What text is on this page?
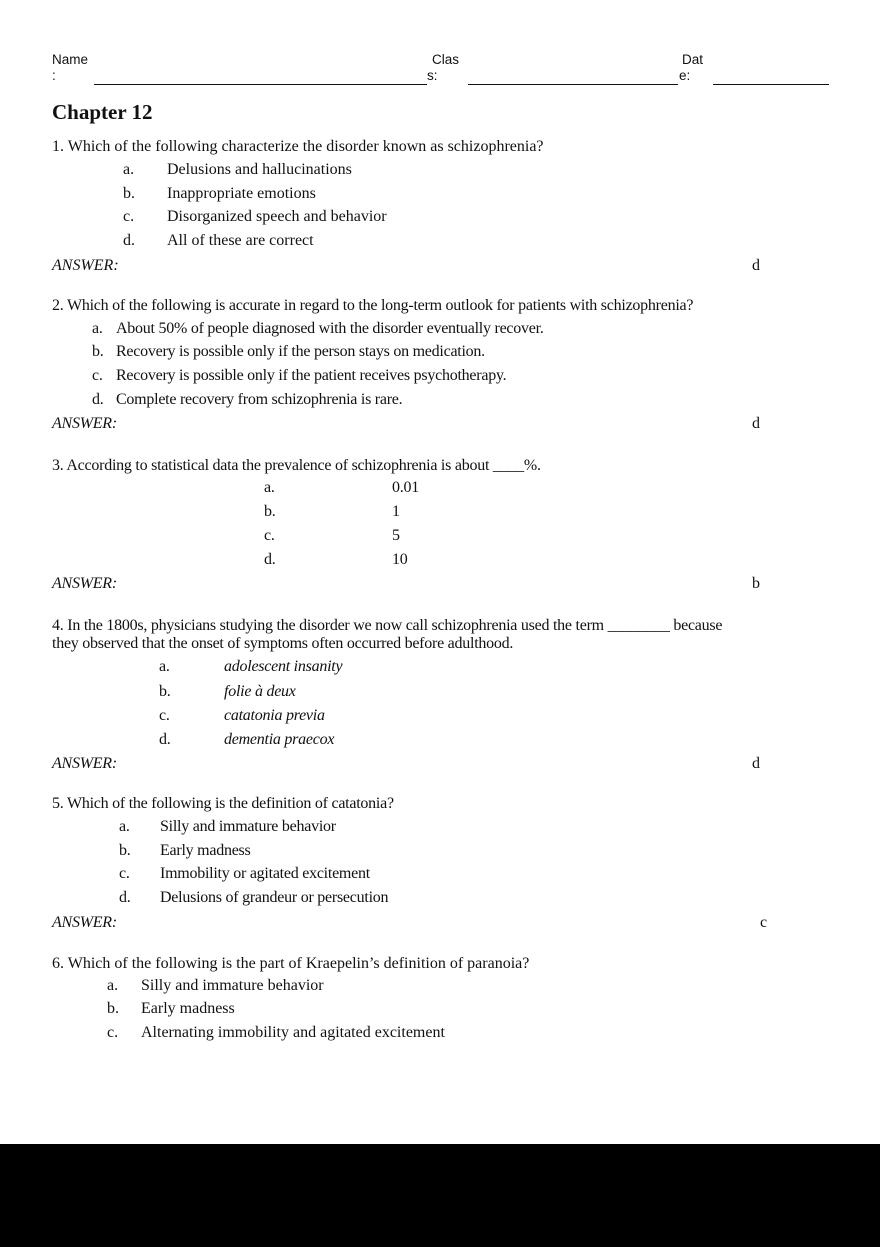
Name
:
Clas
s:
Dat
e:
Chapter 12
1. Which of the following characterize the disorder known as schizophrenia?
a. Delusions and hallucinations
b. Inappropriate emotions
c. Disorganized speech and behavior
d. All of these are correct
ANSWER:	d
2. Which of the following is accurate in regard to the long-term outlook for patients with schizophrenia?
a. About 50% of people diagnosed with the disorder eventually recover.
b. Recovery is possible only if the person stays on medication.
c. Recovery is possible only if the patient receives psychotherapy.
d. Complete recovery from schizophrenia is rare.
ANSWER:	d
3. According to statistical data the prevalence of schizophrenia is about ____%.
a.	0.01
b.	1
c.	5
d.	10
ANSWER:	b
4. In the 1800s, physicians studying the disorder we now call schizophrenia used the term ________ because
they observed that the onset of symptoms often occurred before adulthood.
a.	adolescent insanity
b.	folie à deux
c.	catatonia previa
d.	dementia praecox
ANSWER:	d
5. Which of the following is the definition of catatonia?
a. Silly and immature behavior
b. Early madness
c. Immobility or agitated excitement
d. Delusions of grandeur or persecution
ANSWER:	c
6. Which of the following is the part of Kraepelin’s definition of paranoia?
a. Silly and immature behavior
b. Early madness
c. Alternating immobility and agitated excitement
